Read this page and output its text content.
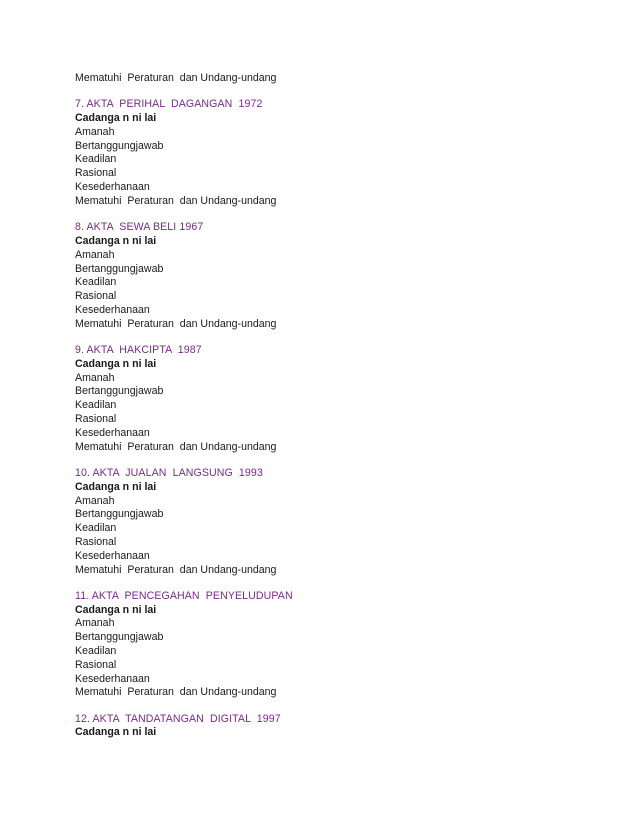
Mematuhi  Peraturan  dan Undang-undang
7. AKTA  PERIHAL  DAGANGAN  1972
Cadanga n ni lai
Amanah
Bertanggungjawab
Keadilan
Rasional
Kesederhanaan
Mematuhi  Peraturan  dan Undang-undang
8. AKTA  SEWA BELI 1967
Cadanga n ni lai
Amanah
Bertanggungjawab
Keadilan
Rasional
Kesederhanaan
Mematuhi  Peraturan  dan Undang-undang
9. AKTA  HAKCIPTA  1987
Cadanga n ni lai
Amanah
Bertanggungjawab
Keadilan
Rasional
Kesederhanaan
Mematuhi  Peraturan  dan Undang-undang
10. AKTA  JUALAN  LANGSUNG  1993
Cadanga n ni lai
Amanah
Bertanggungjawab
Keadilan
Rasional
Kesederhanaan
Mematuhi  Peraturan  dan Undang-undang
11. AKTA  PENCEGAHAN  PENYELUDUPAN
Cadanga n ni lai
Amanah
Bertanggungjawab
Keadilan
Rasional
Kesederhanaan
Mematuhi  Peraturan  dan Undang-undang
12. AKTA  TANDATANGAN  DIGITAL  1997
Cadanga n ni lai
